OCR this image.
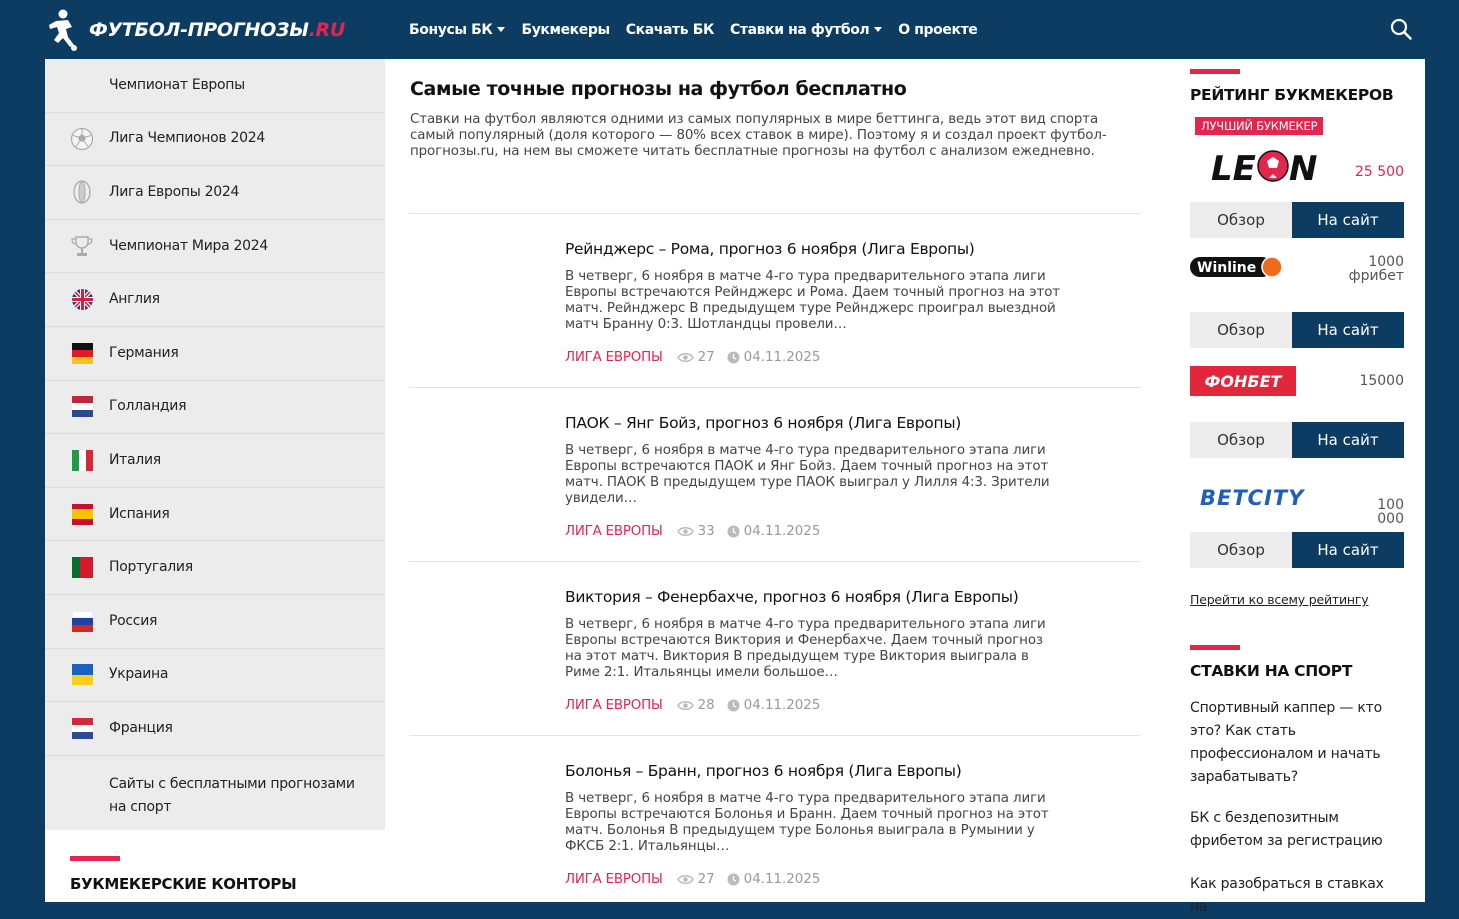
ФУТБОЛ-ПРОГНОЗЫ.RU	Бонусы БК Букмекеры Скачать БК Ставки на футбол О проекте
Чемпионат Европы
Лига Чемпионов 2024
Лига Европы 2024
Чемпионат Мира 2024
Англия
Германия
Голландия
Италия
Испания
Португалия
Россия
Украина
Франция
Сайты с бесплатными прогнозами на спорт
БУКМЕКЕРСКИЕ КОНТОРЫ
Самые точные прогнозы на футбол бесплатно

Ставки на футбол являются одними из самых популярных в мире беттинга, ведь этот вид спорта самый популярный (доля которого — 80% всех ставок в мире). Поэтому я и создал проект футбол-прогнозы.ru, на нем вы сможете читать бесплатные прогнозы на футбол с анализом ежедневно.

Рейнджерс – Рома, прогноз 6 ноября (Лига Европы)
В четверг, 6 ноября в матче 4-го тура предварительного этапа лиги Европы встречаются Рейнджерс и Рома. Даем точный прогноз на этот матч. Рейнджерс В предыдущем туре Рейнджерс проиграл выездной матч Бранну 0:3. Шотландцы провели…
ЛИГА ЕВРОПЫ	27 04.11.2025
ПАОК – Янг Бойз, прогноз 6 ноября (Лига Европы)
В четверг, 6 ноября в матче 4-го тура предварительного этапа лиги Европы встречаются ПАОК и Янг Бойз. Даем точный прогноз на этот матч. ПАОК В предыдущем туре ПАОК выиграл у Лилля 4:3. Зрители увидели…
ЛИГА ЕВРОПЫ	33 04.11.2025
Виктория – Фенербахче, прогноз 6 ноября (Лига Европы)
В четверг, 6 ноября в матче 4-го тура предварительного этапа лиги Европы встречаются Виктория и Фенербахче. Даем точный прогноз на этот матч. Виктория В предыдущем туре Виктория выиграла в Риме 2:1. Итальянцы имели большое…
ЛИГА ЕВРОПЫ	28 04.11.2025
Болонья – Бранн, прогноз 6 ноября (Лига Европы)
В четверг, 6 ноября в матче 4-го тура предварительного этапа лиги Европы встречаются Болонья и Бранн. Даем точный прогноз на этот матч. Болонья В предыдущем туре Болонья выиграла в Румынии у ФКСБ 2:1. Итальянцы…
ЛИГА ЕВРОПЫ	27 04.11.2025
РЕЙТИНГ БУКМЕКЕРОВ
ЛУЧШИЙ БУКМЕКЕР
LE N	25 500
Обзор	На сайт
Winline	1000
фрибет
Обзор	На сайт
ФОНБЕТ	15000
Обзор	На сайт
BETCITY	100
000
Обзор	На сайт
Перейти ко всему рейтингу
СТАВКИ НА СПОРТ
Спортивный каппер — кто это? Как стать профессионалом и начать зарабатывать?
БК с бездепозитным фрибетом за регистрацию
Как разобраться в ставках на
